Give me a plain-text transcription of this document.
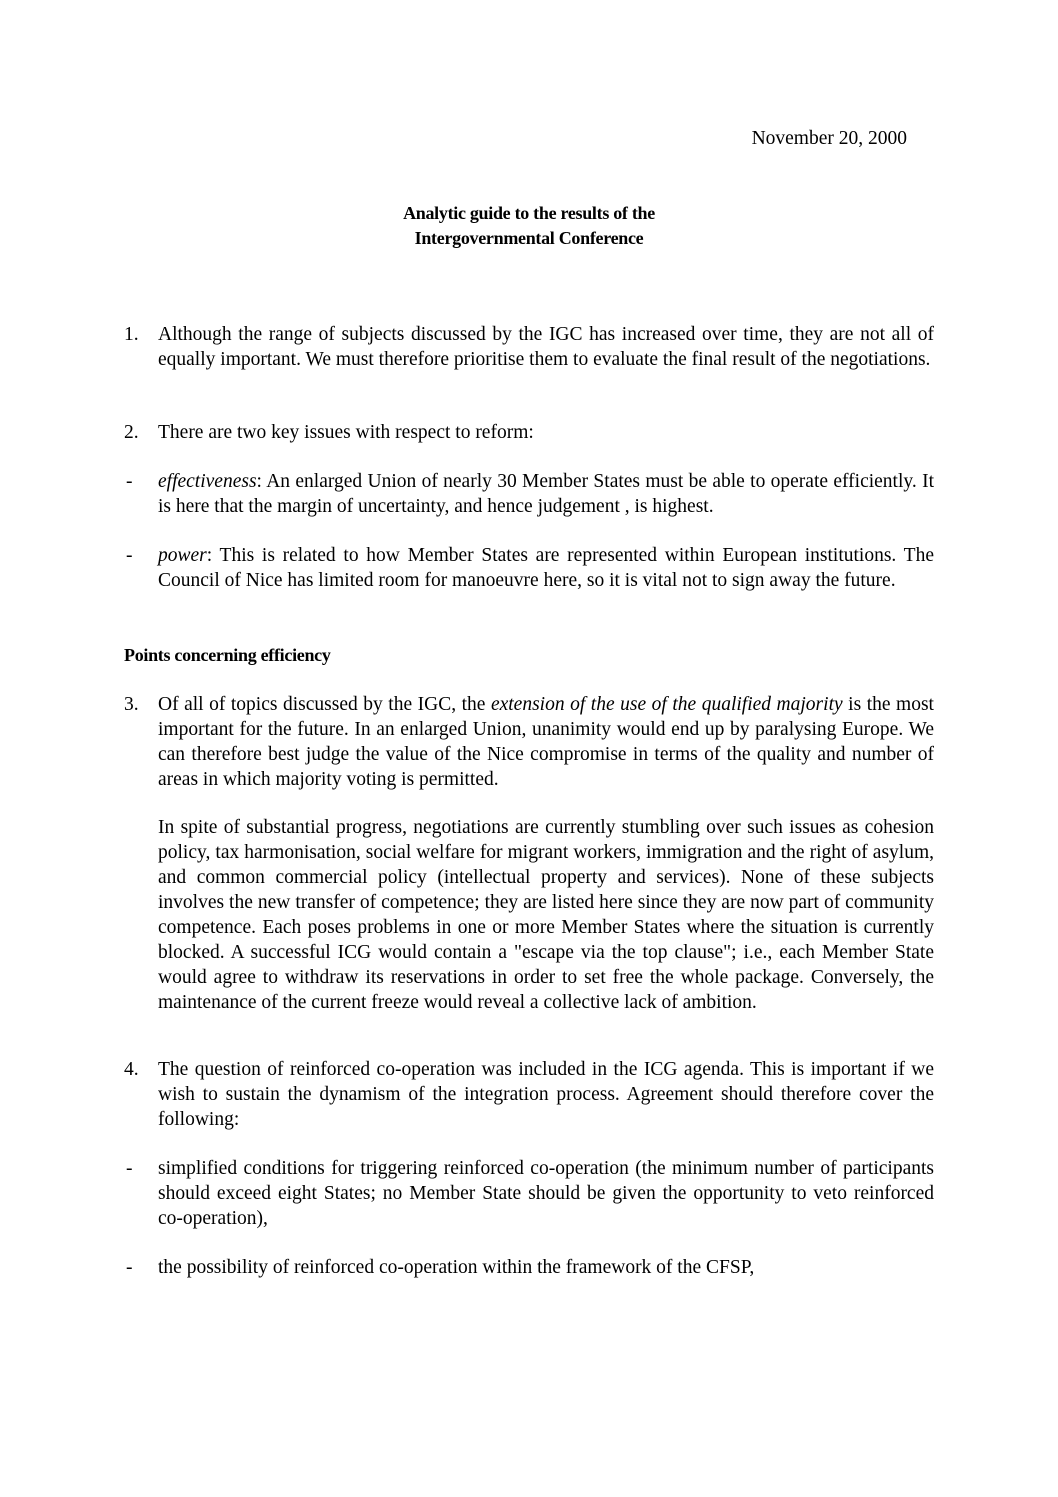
November 20, 2000
Analytic guide to the results of the
Intergovernmental Conference
1. Although the range of subjects discussed by the IGC has increased over time, they are not all of equally important. We must therefore prioritise them to evaluate the final result of the negotiations.
2. There are two key issues with respect to reform:
- effectiveness: An enlarged Union of nearly 30 Member States must be able to operate efficiently. It is here that the margin of uncertainty, and hence judgement , is highest.
- power: This is related to how Member States are represented within European institutions. The Council of Nice has limited room for manoeuvre here, so it is vital not to sign away the future.
Points concerning efficiency
3. Of all of topics discussed by the IGC, the extension of the use of the qualified majority is the most important for the future. In an enlarged Union, unanimity would end up by paralysing Europe. We can therefore best judge the value of the Nice compromise in terms of the quality and number of areas in which majority voting is permitted.
In spite of substantial progress, negotiations are currently stumbling over such issues as cohesion policy, tax harmonisation, social welfare for migrant workers, immigration and the right of asylum, and common commercial policy (intellectual property and services). None of these subjects involves the new transfer of competence; they are listed here since they are now part of community competence. Each poses problems in one or more Member States where the situation is currently blocked. A successful ICG would contain a "escape via the top clause"; i.e., each Member State would agree to withdraw its reservations in order to set free the whole package. Conversely, the maintenance of the current freeze would reveal a collective lack of ambition.
4. The question of reinforced co-operation was included in the ICG agenda. This is important if we wish to sustain the dynamism of the integration process. Agreement should therefore cover the following:
- simplified conditions for triggering reinforced co-operation (the minimum number of participants should exceed eight States; no Member State should be given the opportunity to veto reinforced co-operation),
- the possibility of reinforced co-operation within the framework of the CFSP,
